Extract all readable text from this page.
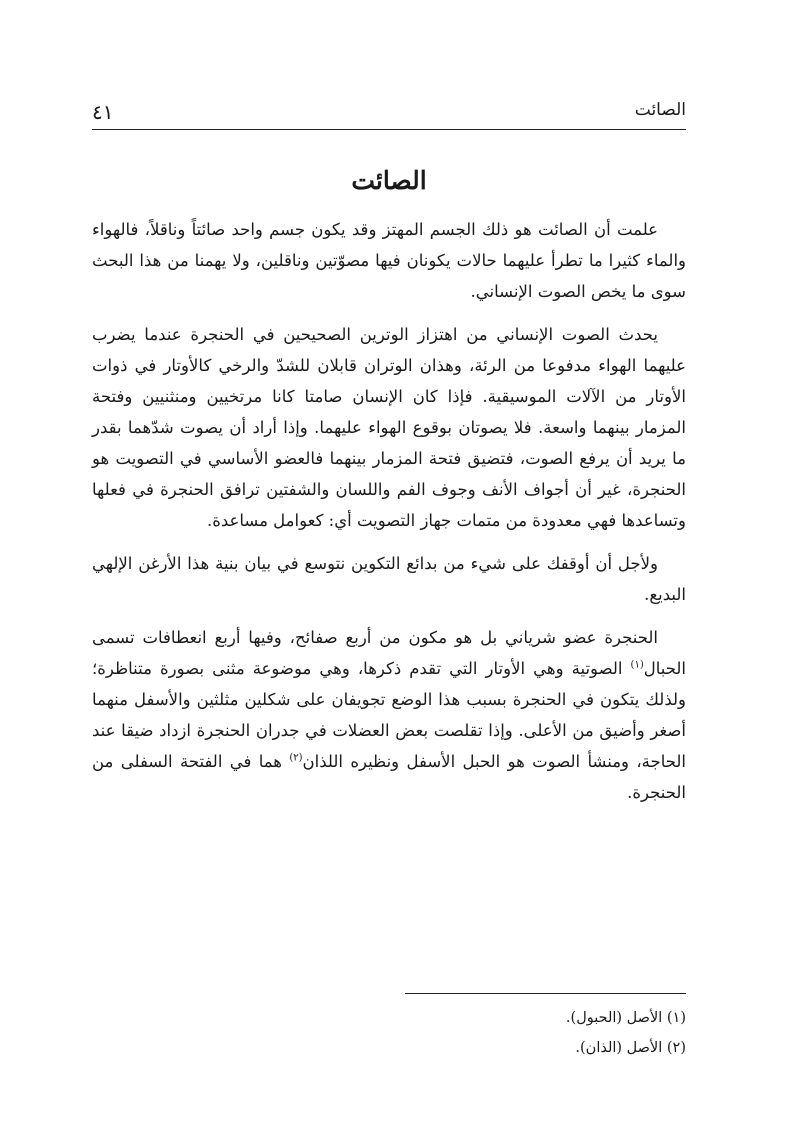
الصائت
٤١
الصائت

علمت أن الصائت هو ذلك الجسم المهتز وقد يكون جسم واحد صائتاً وناقلاً، فالهواء والماء كثيرا ما تطرأ عليهما حالات يكونان فيها مصوّتين وناقلين، ولا يهمنا من هذا البحث سوى ما يخص الصوت الإنساني.

يحدث الصوت الإنساني من اهتزاز الوترين الصحيحين في الحنجرة عندما يضرب عليهما الهواء مدفوعا من الرئة، وهذان الوتران قابلان للشدّ والرخي كالأوتار في ذوات الأوتار من الآلات الموسيقية. فإذا كان الإنسان صامتا كانا مرتخيين ومنثنيين وفتحة المزمار بينهما واسعة. فلا يصوتان بوقوع الهواء عليهما. وإذا أراد أن يصوت شدّهما بقدر ما يريد أن يرفع الصوت، فتضيق فتحة المزمار بينهما فالعضو الأساسي في التصويت هو الحنجرة، غير أن أجواف الأنف وجوف الفم واللسان والشفتين ترافق الحنجرة في فعلها وتساعدها فهي معدودة من متمات جهاز التصويت أي: كعوامل مساعدة.

ولأجل أن أوقفك على شيء من بدائع التكوين نتوسع في بيان بنية هذا الأرغن الإلهي البديع.

الحنجرة عضو شرياني بل هو مكون من أربع صفائح، وفيها أربع انعطافات تسمى الحبال$^{(١)}$ الصوتية وهي الأوتار التي تقدم ذكرها، وهي موضوعة مثنى بصورة متناظرة؛ ولذلك يتكون في الحنجرة بسبب هذا الوضع تجويفان على شكلين مثلثين والأسفل منهما أصغر وأضيق من الأعلى. وإذا تقلصت بعض العضلات في جدران الحنجرة ازداد ضيقا عند الحاجة، ومنشأ الصوت هو الحبل الأسفل ونظيره اللذان$^{(٢)}$ هما في الفتحة السفلى من الحنجرة.

(١) الأصل (الحبول).
(٢) الأصل (الذان).
